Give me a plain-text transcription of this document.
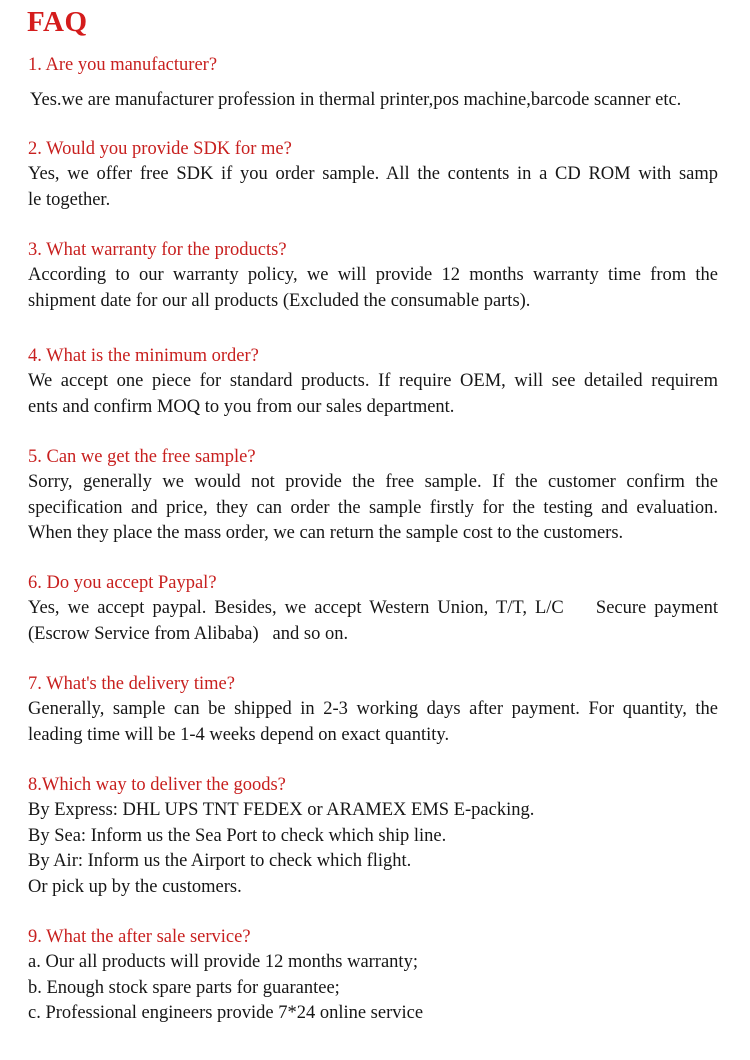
FAQ
1. Are you manufacturer?
Yes.we are manufacturer profession in thermal printer,pos machine,barcode scanner etc.
2. Would you provide SDK for me?
Yes, we offer free SDK if you order sample. All the contents in a CD ROM with samp
le together.
3. What warranty for the products?
According to our warranty policy, we will provide 12 months warranty time from the
shipment date for our all products (Excluded the consumable parts).
4. What is the minimum order?
We accept one piece for standard products. If require OEM, will see detailed requirem
ents and confirm MOQ to you from our sales department.
5. Can we get the free sample?
Sorry, generally we would not provide the free sample. If the customer confirm the
specification and price, they can order the sample firstly for the testing and evaluation.
When they place the mass order, we can return the sample cost to the customers.
6. Do you accept Paypal?
Yes, we accept paypal. Besides, we accept Western Union, T/T, L/C    Secure payment
(Escrow Service from Alibaba)   and so on.
7. What's the delivery time?
Generally, sample can be shipped in 2-3 working days after payment. For quantity, the
leading time will be 1-4 weeks depend on exact quantity.
8.Which way to deliver the goods?
By Express: DHL UPS TNT FEDEX or ARAMEX EMS E-packing.
By Sea: Inform us the Sea Port to check which ship line.
By Air: Inform us the Airport to check which flight.
Or pick up by the customers.
9. What the after sale service?
a. Our all products will provide 12 months warranty;
b. Enough stock spare parts for guarantee;
c. Professional engineers provide 7*24 online service
